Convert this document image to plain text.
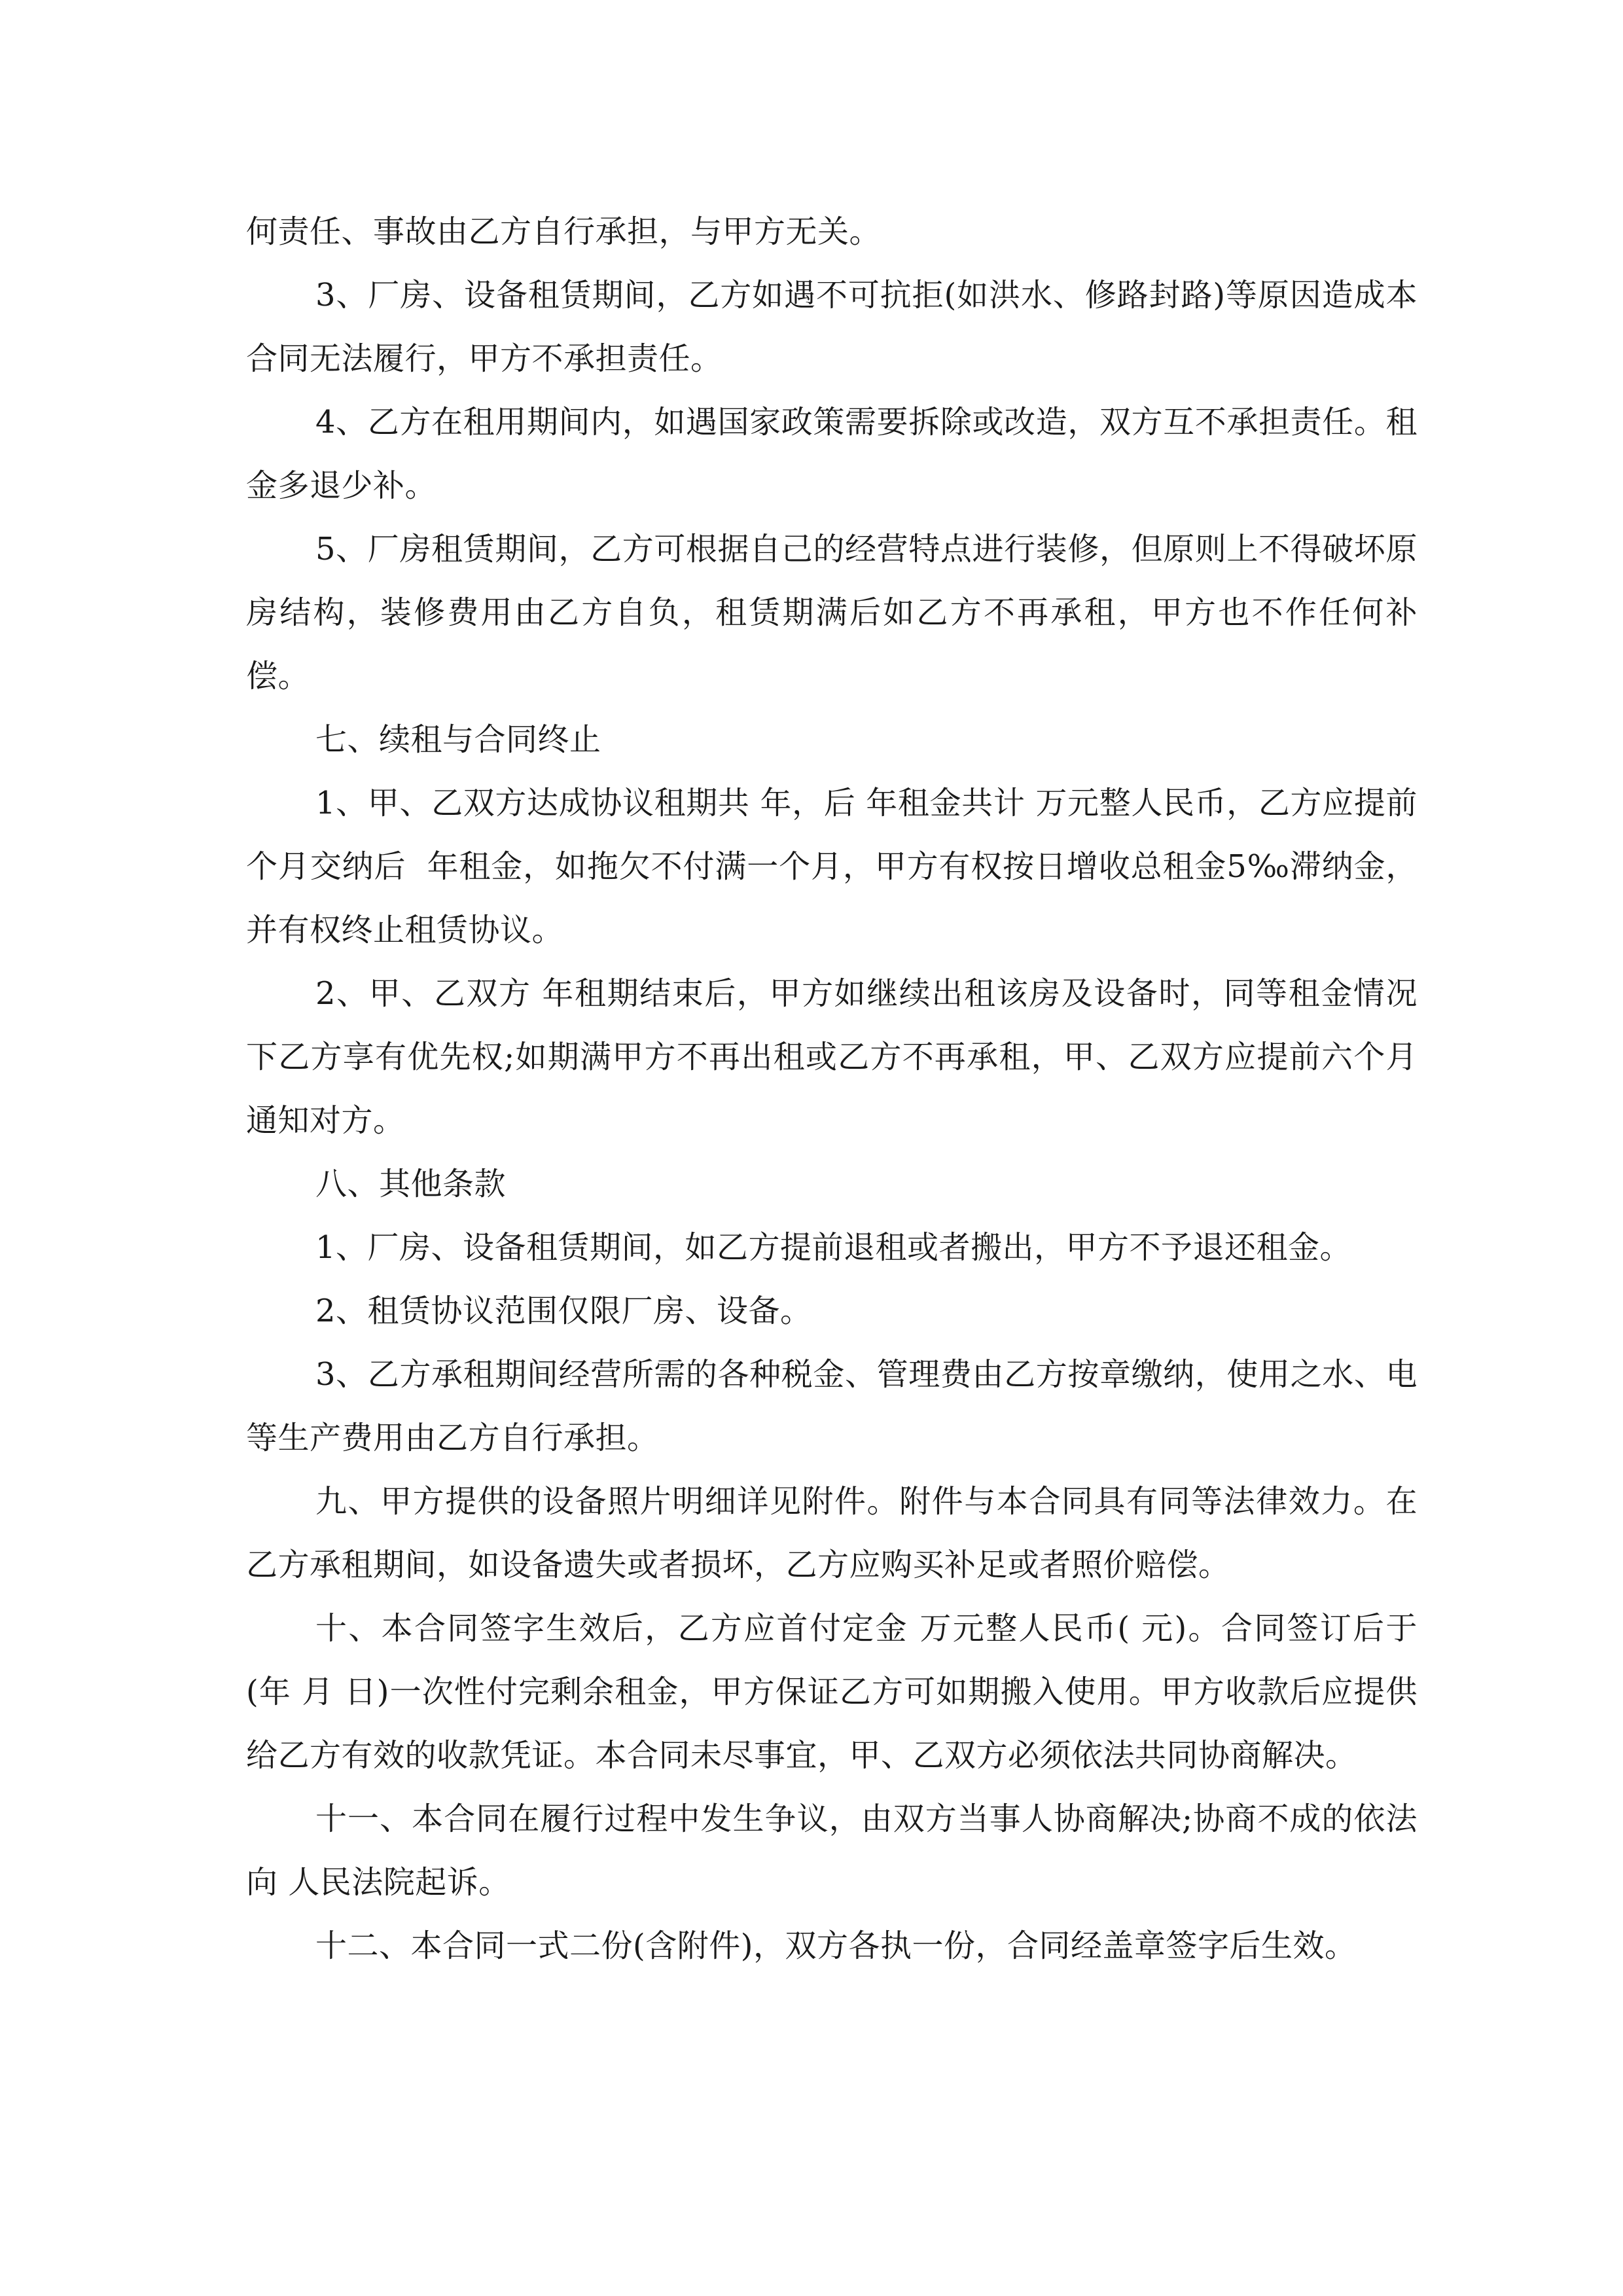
何责任、事故由乙方自行承担，与甲方无关。

3、厂房、设备租赁期间，乙方如遇不可抗拒(如洪水、修路封路)等原因造成本合同无法履行，甲方不承担责任。

4、乙方在租用期间内，如遇国家政策需要拆除或改造，双方互不承担责任。租金多退少补。

5、厂房租赁期间，乙方可根据自己的经营特点进行装修，但原则上不得破坏原房结构，装修费用由乙方自负，租赁期满后如乙方不再承租，甲方也不作任何补偿。

七、续租与合同终止

1、甲、乙双方达成协议租期共 年，后 年租金共计 万元整人民币，乙方应提前  个月交纳后  年租金，如拖欠不付满一个月，甲方有权按日增收总租金5‰滞纳金，并有权终止租赁协议。

2、甲、乙双方 年租期结束后，甲方如继续出租该房及设备时，同等租金情况下乙方享有优先权;如期满甲方不再出租或乙方不再承租，甲、乙双方应提前六个月通知对方。

八、其他条款

1、厂房、设备租赁期间，如乙方提前退租或者搬出，甲方不予退还租金。

2、租赁协议范围仅限厂房、设备。

3、乙方承租期间经营所需的各种税金、管理费由乙方按章缴纳，使用之水、电等生产费用由乙方自行承担。

九、甲方提供的设备照片明细详见附件。附件与本合同具有同等法律效力。在乙方承租期间，如设备遗失或者损坏，乙方应购买补足或者照价赔偿。

十、本合同签字生效后，乙方应首付定金 万元整人民币( 元)。合同签订后于(年 月 日)一次性付完剩余租金，甲方保证乙方可如期搬入使用。甲方收款后应提供给乙方有效的收款凭证。本合同未尽事宜，甲、乙双方必须依法共同协商解决。

十一、本合同在履行过程中发生争议，由双方当事人协商解决;协商不成的依法向 人民法院起诉。

十二、本合同一式二份(含附件)，双方各执一份，合同经盖章签字后生效。
